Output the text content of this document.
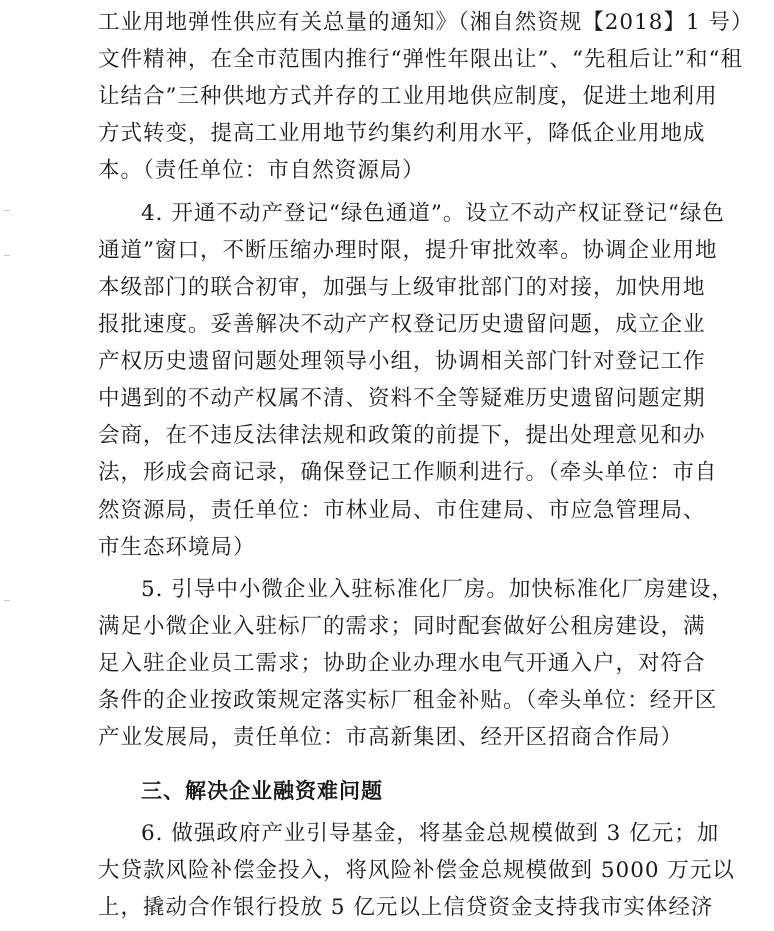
工业用地弹性供应有关总量的通知》（湘自然资规【2018】1 号）
文件精神，在全市范围内推行“弹性年限出让”、“先租后让”和“租
让结合”三种供地方式并存的工业用地供应制度，促进土地利用
方式转变，提高工业用地节约集约利用水平，降低企业用地成
本。（责任单位：市自然资源局）
4. 开通不动产登记“绿色通道”。设立不动产权证登记“绿色
通道”窗口，不断压缩办理时限，提升审批效率。协调企业用地
本级部门的联合初审，加强与上级审批部门的对接，加快用地
报批速度。妥善解决不动产产权登记历史遗留问题，成立企业
产权历史遗留问题处理领导小组，协调相关部门针对登记工作
中遇到的不动产权属不清、资料不全等疑难历史遗留问题定期
会商，在不违反法律法规和政策的前提下，提出处理意见和办
法，形成会商记录，确保登记工作顺利进行。（牵头单位：市自
然资源局，责任单位：市林业局、市住建局、市应急管理局、
市生态环境局）
5. 引导中小微企业入驻标准化厂房。加快标准化厂房建设，
满足小微企业入驻标厂的需求；同时配套做好公租房建设，满
足入驻企业员工需求；协助企业办理水电气开通入户，对符合
条件的企业按政策规定落实标厂租金补贴。（牵头单位：经开区
产业发展局，责任单位：市高新集团、经开区招商合作局）
三、解决企业融资难问题
6. 做强政府产业引导基金，将基金总规模做到 3 亿元；加
大贷款风险补偿金投入，将风险补偿金总规模做到 5000 万元以
上，撬动合作银行投放 5 亿元以上信贷资金支持我市实体经济
